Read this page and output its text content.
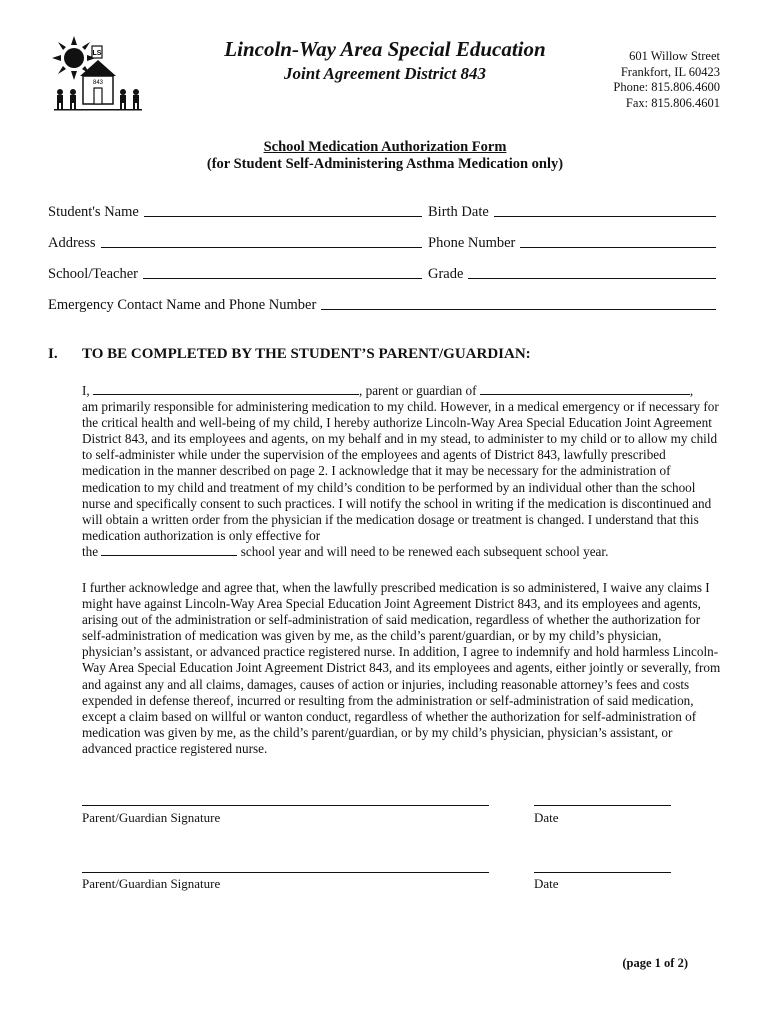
LS
843
Lincoln-Way Area Special Education
Joint Agreement District 843
601 Willow Street
Frankfort, IL 60423
Phone: 815.806.4600
Fax: 815.806.4601
School Medication Authorization Form
(for Student Self-Administering Asthma Medication only)
Student's Name	Birth Date
Address	Phone Number
School/Teacher	Grade
Emergency Contact Name and Phone Number
I. TO BE COMPLETED BY THE STUDENT’S PARENT/GUARDIAN:
I,	, parent or guardian of	,
am primarily responsible for administering medication to my child. However, in a medical emergency or if necessary for the critical health and well-being of my child, I hereby authorize Lincoln-Way Area Special Education Joint Agreement District 843, and its employees and agents, on my behalf and in my stead, to administer to my child or to allow my child to self-administer while under the supervision of the employees and agents of District 843, lawfully prescribed medication in the manner described on page 2. I acknowledge that it may be necessary for the administration of medication to my child and treatment of my child’s condition to be performed by an individual other than the school nurse and specifically consent to such practices. I will notify the school in writing if the medication is discontinued and will obtain a written order from the physician if the medication dosage or treatment is changed. I understand that this medication authorization is only effective for
the	school year and will need to be renewed each subsequent school year.
I further acknowledge and agree that, when the lawfully prescribed medication is so administered, I waive any claims I might have against Lincoln-Way Area Special Education Joint Agreement District 843, and its employees and agents, arising out of the administration or self-administration of said medication, regardless of whether the authorization for self-administration of medication was given by me, as the child’s parent/guardian, or by my child’s physician, physician’s assistant, or advanced practice registered nurse. In addition, I agree to indemnify and hold harmless Lincoln-Way Area Special Education Joint Agreement District 843, and its employees and agents, either jointly or severally, from and against any and all claims, damages, causes of action or injuries, including reasonable attorney’s fees and costs expended in defense thereof, incurred or resulting from the administration or self-administration of said medication, except a claim based on willful or wanton conduct, regardless of whether the authorization for self-administration of medication was given by me, as the child’s parent/guardian, or by my child’s physician, physician’s assistant, or advanced practice registered nurse.
Parent/Guardian Signature	Date
Parent/Guardian Signature	Date
(page 1 of 2)
